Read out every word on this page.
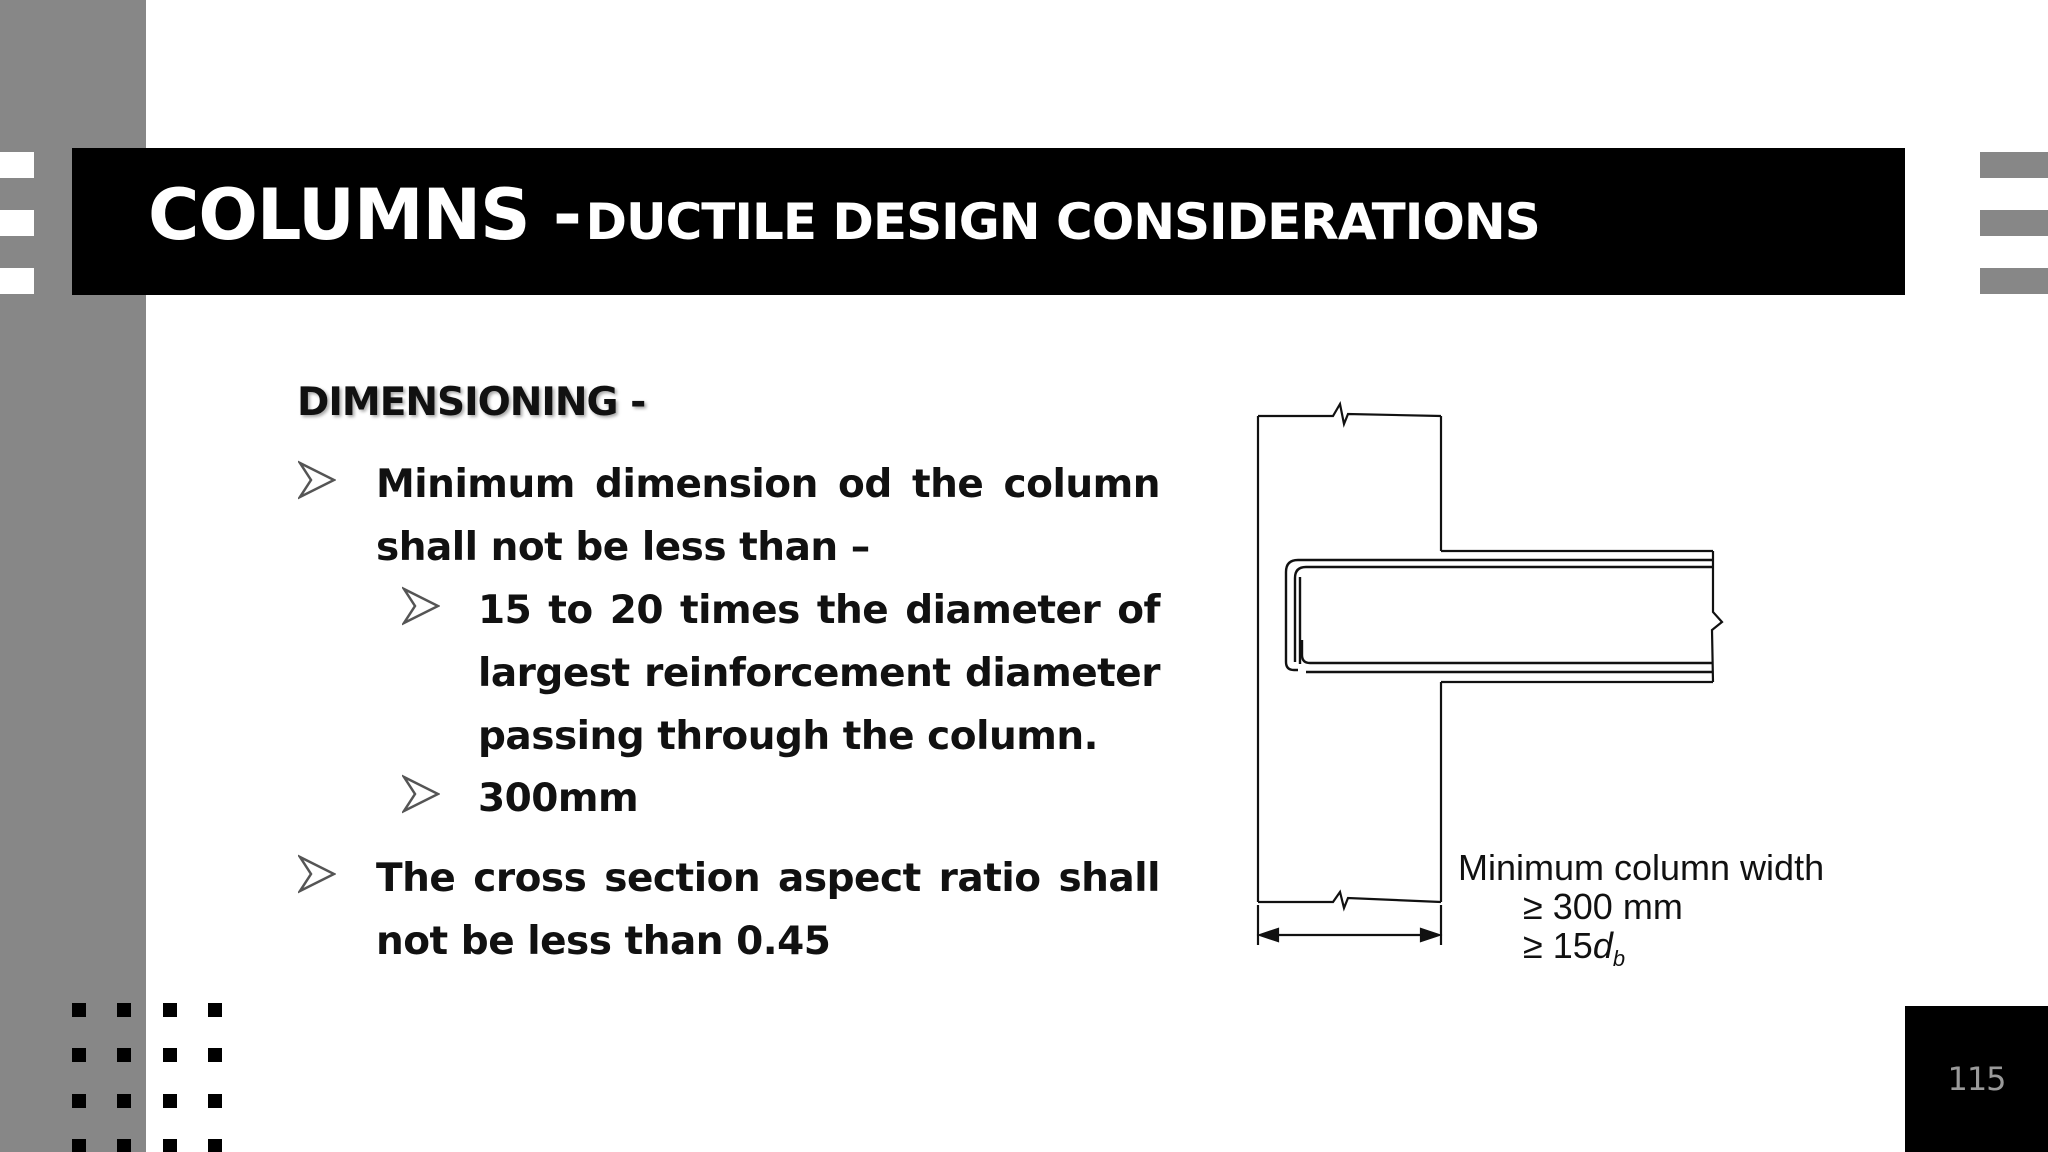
COLUMNS - DUCTILE DESIGN CONSIDERATIONS
DIMENSIONING -
Minimum dimension od the column
shall not be less than –
15 to 20 times the diameter of
largest reinforcement diameter
passing through the column.
300mm
The cross section aspect ratio shall
not be less than 0.45
Minimum column width
≥ 300 mm
≥ $15d_b$
115
